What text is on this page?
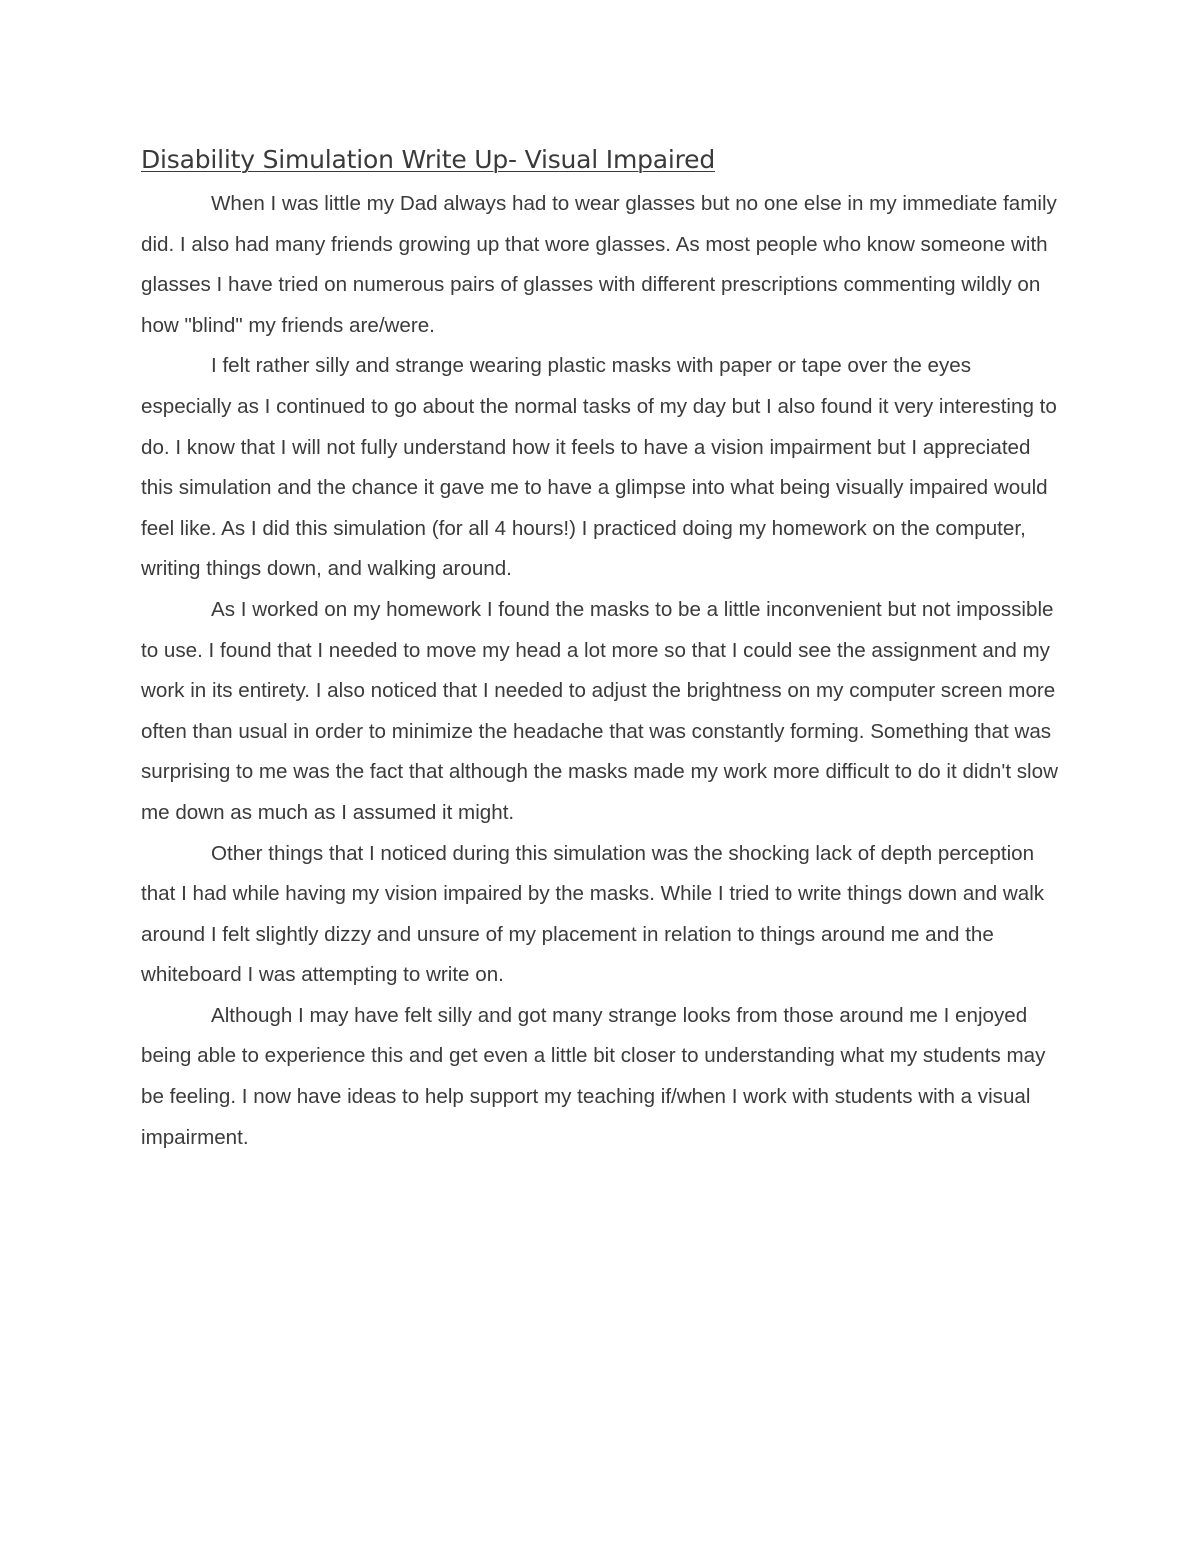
Disability Simulation Write Up- Visual Impaired

When I was little my Dad always had to wear glasses but no one else in my immediate family did. I also had many friends growing up that wore glasses. As most people who know someone with glasses I have tried on numerous pairs of glasses with different prescriptions commenting wildly on how "blind" my friends are/were.

I felt rather silly and strange wearing plastic masks with paper or tape over the eyes especially as I continued to go about the normal tasks of my day but I also found it very interesting to do. I know that I will not fully understand how it feels to have a vision impairment but I appreciated this simulation and the chance it gave me to have a glimpse into what being visually impaired would feel like. As I did this simulation (for all 4 hours!) I practiced doing my homework on the computer, writing things down, and walking around.

As I worked on my homework I found the masks to be a little inconvenient but not impossible to use. I found that I needed to move my head a lot more so that I could see the assignment and my work in its entirety. I also noticed that I needed to adjust the brightness on my computer screen more often than usual in order to minimize the headache that was constantly forming. Something that was surprising to me was the fact that although the masks made my work more difficult to do it didn't slow me down as much as I assumed it might.

Other things that I noticed during this simulation was the shocking lack of depth perception that I had while having my vision impaired by the masks. While I tried to write things down and walk around I felt slightly dizzy and unsure of my placement in relation to things around me and the whiteboard I was attempting to write on.

Although I may have felt silly and got many strange looks from those around me I enjoyed being able to experience this and get even a little bit closer to understanding what my students may be feeling. I now have ideas to help support my teaching if/when I work with students with a visual impairment.
